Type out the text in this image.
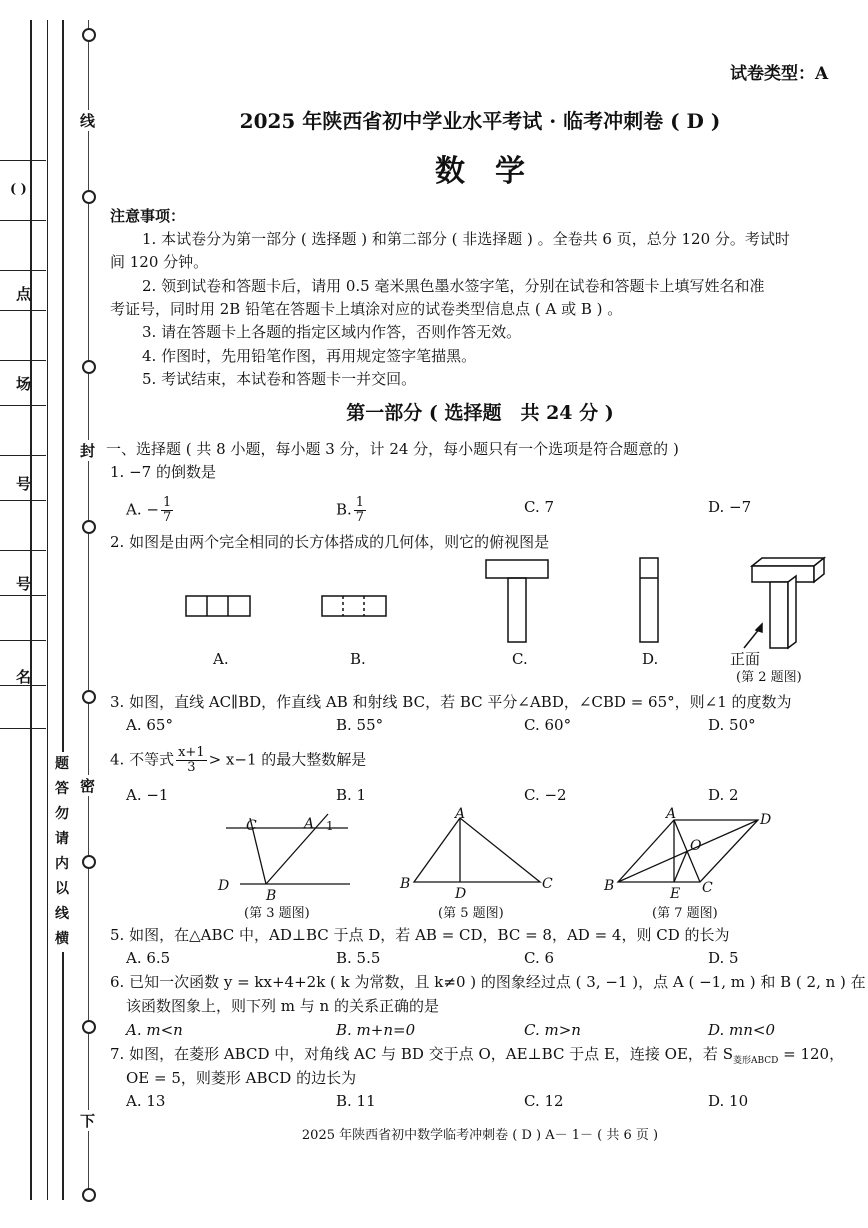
( )
点
场
号
号
名
线
封
密
下
题
答
勿
请
内
以
线
横
试卷类型：A
2025 年陕西省初中学业水平考试 · 临考冲刺卷 ( D )
数　学
注意事项：
1. 本试卷分为第一部分 ( 选择题 ) 和第二部分 ( 非选择题 ) 。全卷共 6 页，总分 120 分。考试时
间 120 分钟。
2. 领到试卷和答题卡后，请用 0.5 毫米黑色墨水签字笔，分别在试卷和答题卡上填写姓名和准
考证号，同时用 2B 铅笔在答题卡上填涂对应的试卷类型信息点 ( A 或 B ) 。
3. 请在答题卡上各题的指定区域内作答，否则作答无效。
4. 作图时，先用铅笔作图，再用规定签字笔描黑。
5. 考试结束，本试卷和答题卡一并交回。
第一部分 ( 选择题　共 24 分 )
一、选择题 ( 共 8 小题，每小题 3 分，计 24 分，每小题只有一个选项是符合题意的 )
1. −7 的倒数是
A. − $\frac{1}{7}$	B. $\frac{1}{7}$	C. 7	D. −7
2. 如图是由两个完全相同的长方体搭成的几何体，则它的俯视图是
A.	B.	C.	D.	正面
(第 2 题图)
3. 如图，直线 AC∥BD，作直线 AB 和射线 BC，若 BC 平分∠ABD，∠CBD = 65°，则∠1 的度数为
A. 65°	B. 55°	C. 60°	D. 50°
4. 不等式 $\frac{x+1}{3} > x-1$ 的最大整数解是
A. −1	B. 1	C. −2	D. 2
C	A 1
D
B
A
B
D
C
A	D
O
B	E C
(第 3 题图)	(第 5 题图)	(第 7 题图)
5. 如图，在△ABC 中，AD⊥BC 于点 D，若 AB = CD，BC = 8，AD = 4，则 CD 的长为
A. 6.5	B. 5.5	C. 6	D. 5
6. 已知一次函数 y = kx+4+2k ( k 为常数，且 k≠0 ) 的图象经过点 ( 3, −1 )，点 A ( −1, m ) 和 B ( 2, n ) 在
该函数图象上，则下列 m 与 n 的关系正确的是
A. m<n	B. m+n=0	C. m>n	D. mn<0
7. 如图，在菱形 ABCD 中，对角线 AC 与 BD 交于点 O，AE⊥BC 于点 E，连接 OE，若 $S_{菱形ABCD} = 120$，
OE = 5，则菱形 ABCD 的边长为
A. 13	B. 11	C. 12	D. 10
2025 年陕西省初中数学临考冲刺卷 ( D ) A－ 1－ ( 共 6 页 )
